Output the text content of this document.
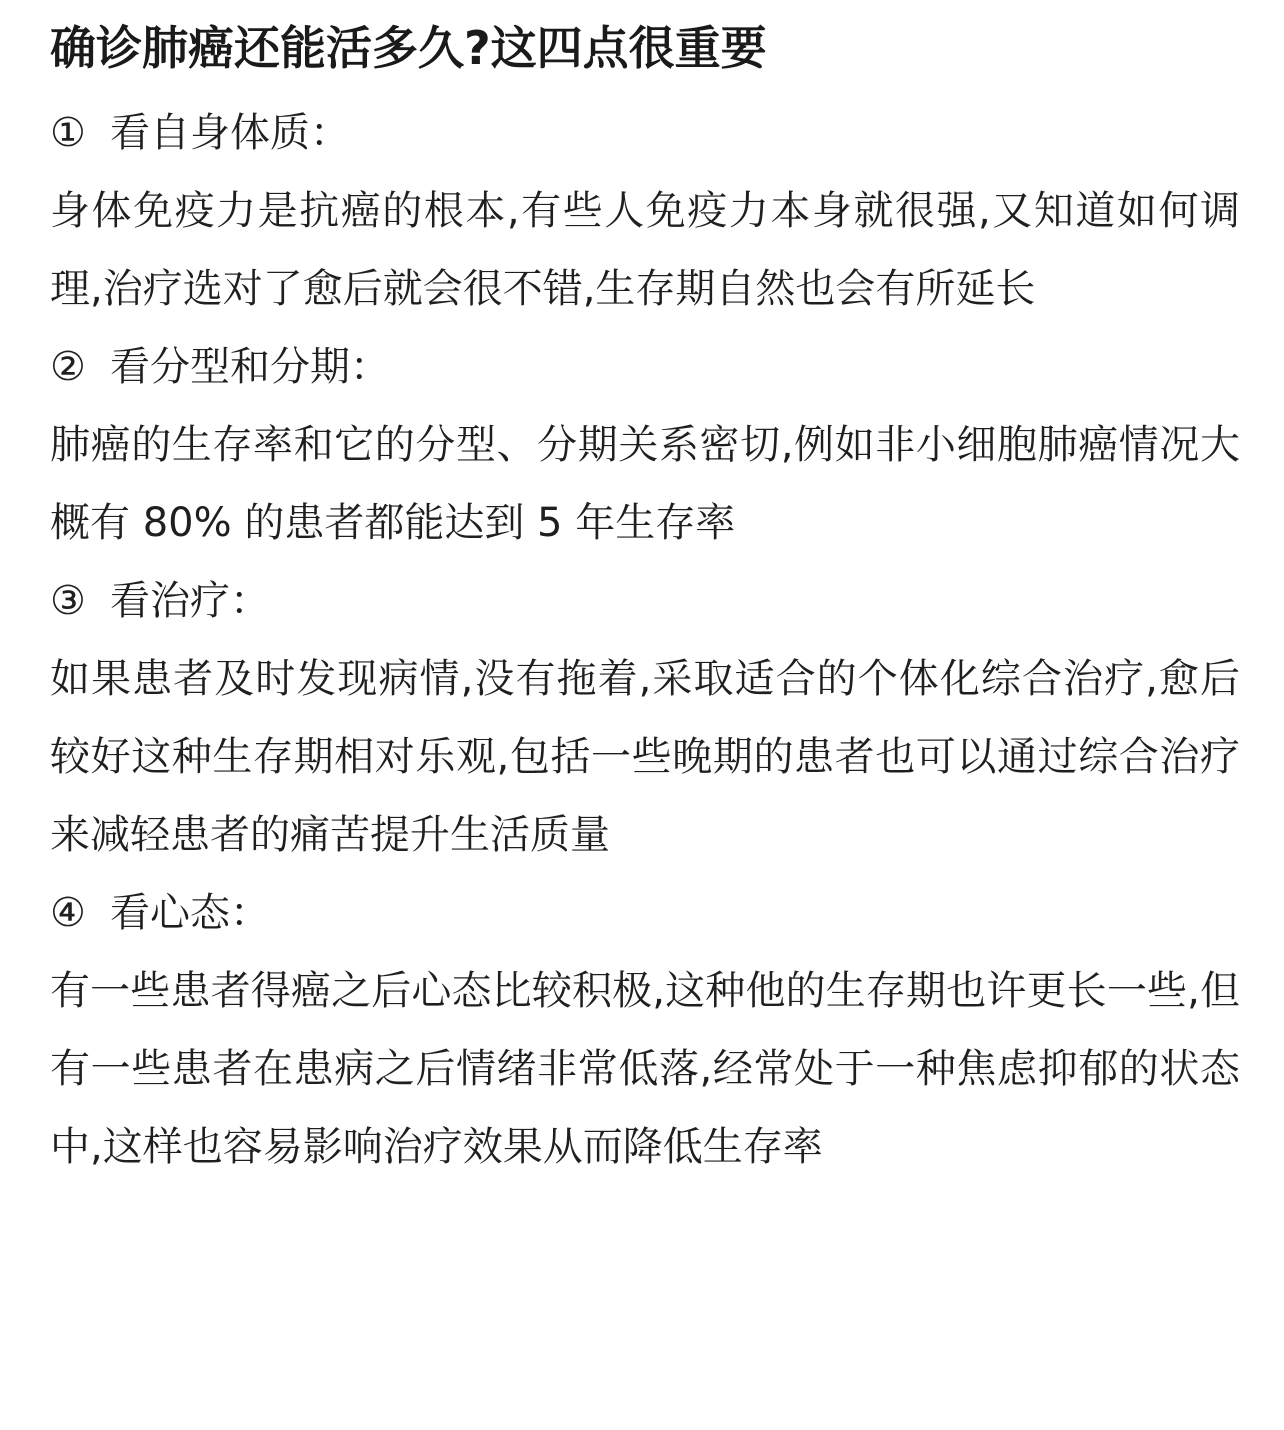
确诊肺癌还能活多久?这四点很重要
① 看自身体质：

身体免疫力是抗癌的根本,有些人免疫力本身就很强,又知道如何调理,治疗选对了愈后就会很不错,生存期自然也会有所延长

② 看分型和分期：

肺癌的生存率和它的分型、分期关系密切,例如非小细胞肺癌情况大概有 80% 的患者都能达到 5 年生存率

③ 看治疗：

如果患者及时发现病情,没有拖着,采取适合的个体化综合治疗,愈后较好这种生存期相对乐观,包括一些晚期的患者也可以通过综合治疗来减轻患者的痛苦提升生活质量

④ 看心态：

有一些患者得癌之后心态比较积极,这种他的生存期也许更长一些,但有一些患者在患病之后情绪非常低落,经常处于一种焦虑抑郁的状态中,这样也容易影响治疗效果从而降低生存率
